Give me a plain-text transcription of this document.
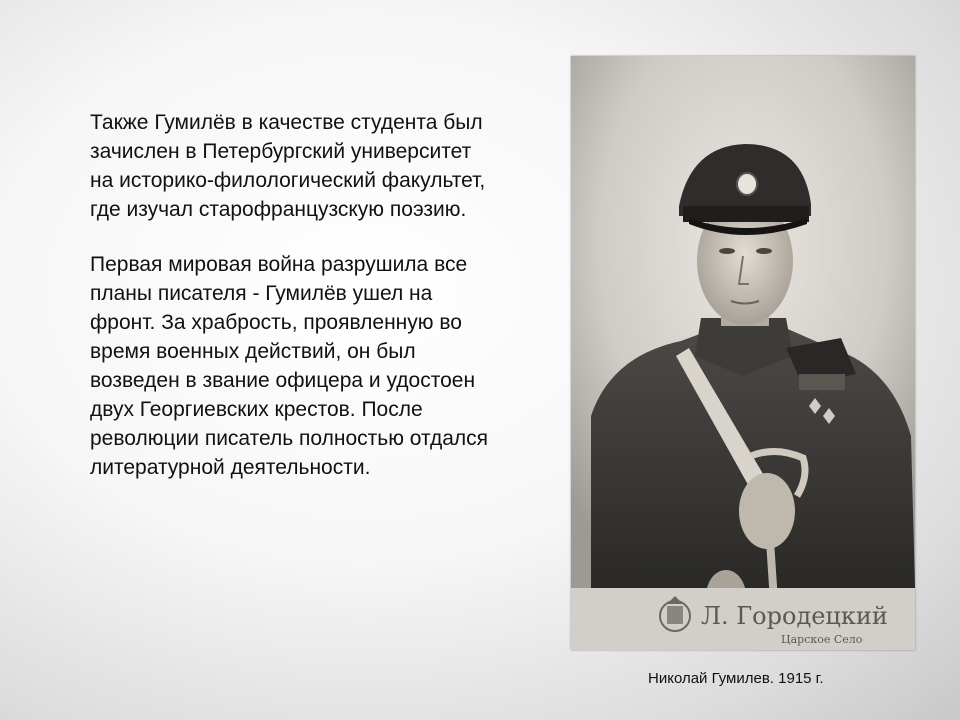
Также Гумилёв в качестве студента был зачислен в Петербургский университет на историко-филологический факультет, где изучал старофранцузскую поэзию.

Первая мировая война разрушила все планы писателя - Гумилёв ушел на фронт. За храбрость, проявленную во время военных действий, он был возведен в звание офицера и удостоен двух Георгиевских крестов. После революции писатель полностью отдался литературной деятельности.

Л. Городецкий
Царское Село
Николай Гумилев. 1915 г.
